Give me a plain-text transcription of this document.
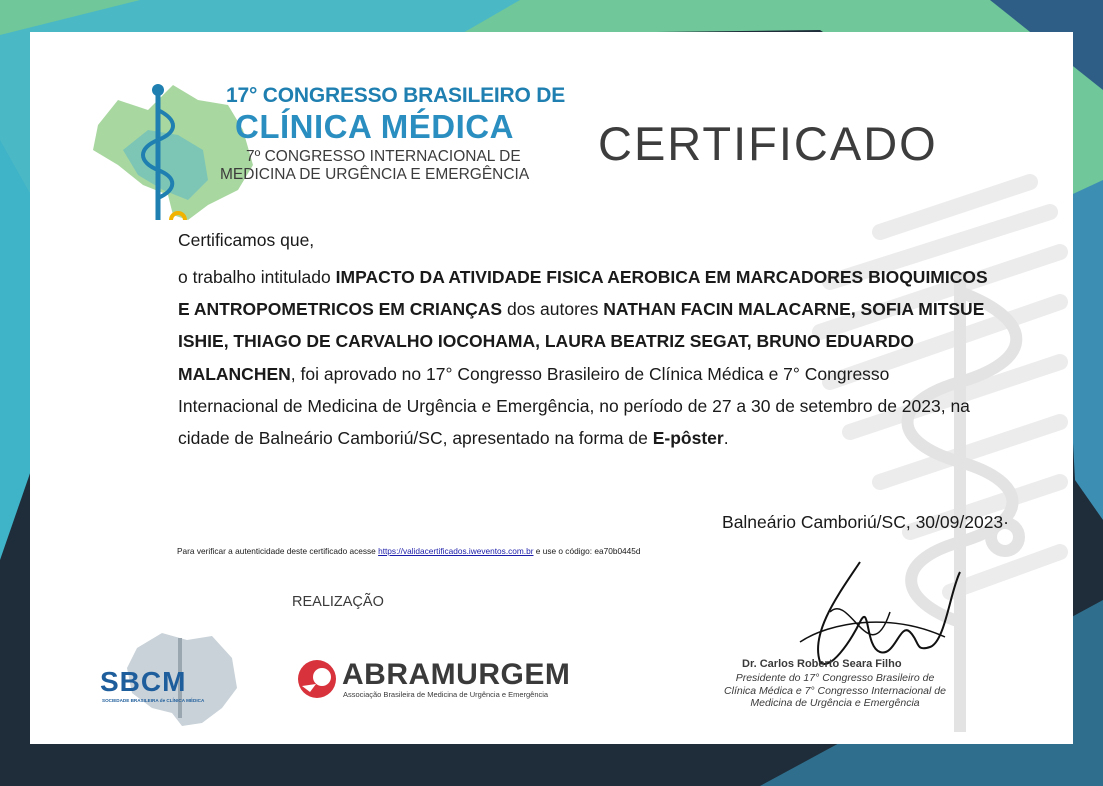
17° CONGRESSO BRASILEIRO DE
CLÍNICA MÉDICA
7º CONGRESSO INTERNACIONAL DE
MEDICINA DE URGÊNCIA E EMERGÊNCIA
CERTIFICADO
Certificamos que,
o trabalho intitulado IMPACTO DA ATIVIDADE FISICA AEROBICA EM MARCADORES BIOQUIMICOS E ANTROPOMETRICOS EM CRIANÇAS dos autores NATHAN FACIN MALACARNE, SOFIA MITSUE ISHIE, THIAGO DE CARVALHO IOCOHAMA, LAURA BEATRIZ SEGAT, BRUNO EDUARDO MALANCHEN, foi aprovado no 17° Congresso Brasileiro de Clínica Médica e 7° Congresso Internacional de Medicina de Urgência e Emergência, no período de 27 a 30 de setembro de 2023, na cidade de Balneário Camboriú/SC, apresentado na forma de E-pôster.
Balneário Camboriú/SC, 30/09/2023·
Para verificar a autenticidade deste certificado acesse https://validacertificados.iweventos.com.br e use o código: ea70b0445d
REALIZAÇÃO
SBCM
SOCIEDADE BRASILEIRA de CLÍNICA MÉDICA
ABRAMURGEM
Associação Brasileira de Medicina de Urgência e Emergência
Dr. Carlos Roberto Seara Filho
Presidente do 17° Congresso Brasileiro de Clínica Médica e 7° Congresso Internacional de Medicina de Urgência e Emergência
